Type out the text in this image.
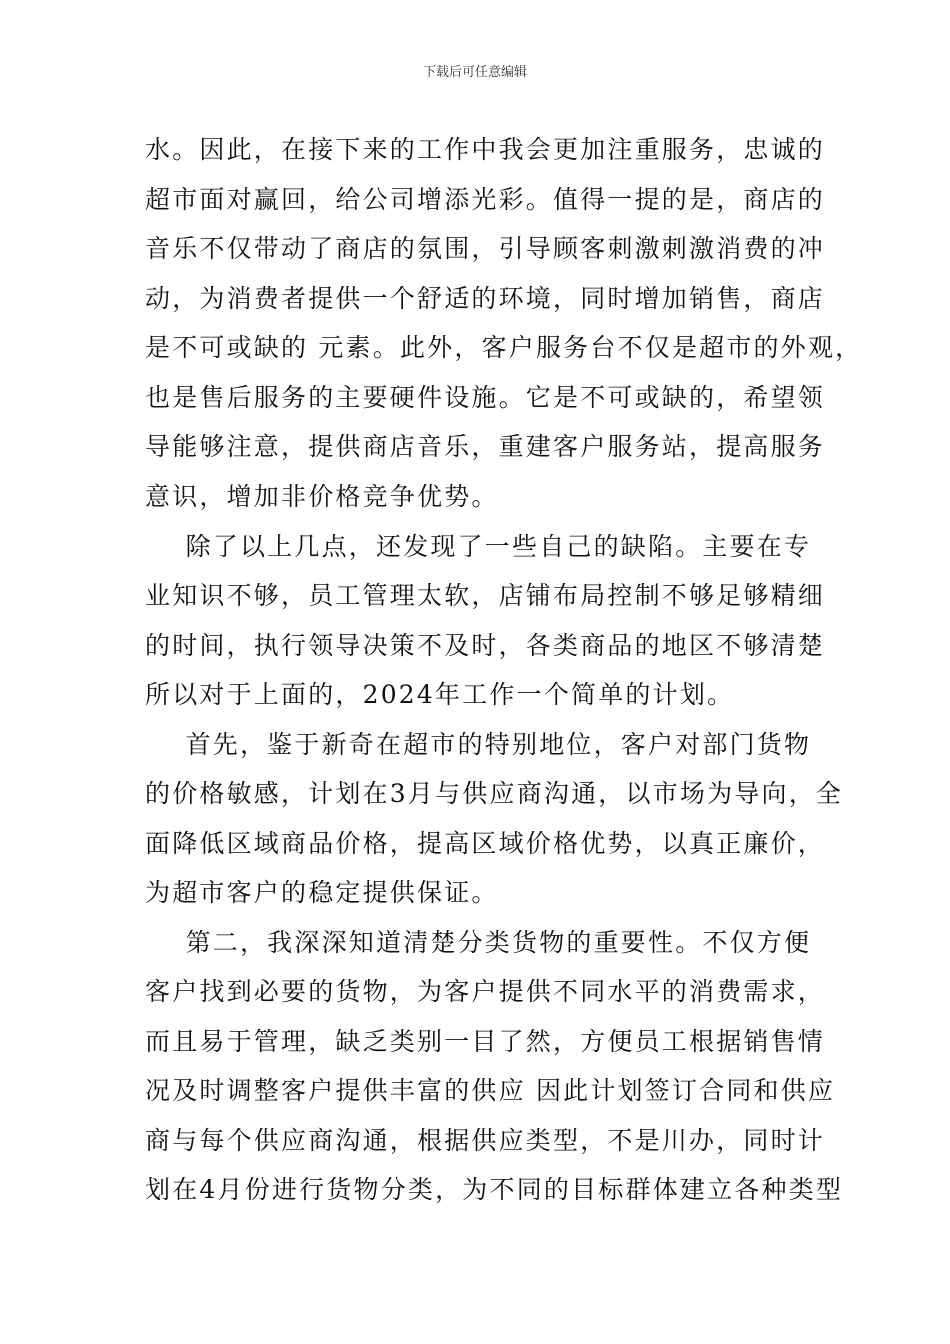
下载后可任意编辑
水。因此，在接下来的工作中我会更加注重服务，忠诚的
超市面对赢回，给公司增添光彩。值得一提的是，商店的
音乐不仅带动了商店的氛围，引导顾客刺激刺激消费的冲
动，为消费者提供一个舒适的环境，同时增加销售，商店
是不可或缺的 元素。此外，客户服务台不仅是超市的外观，
也是售后服务的主要硬件设施。它是不可或缺的，希望领
导能够注意，提供商店音乐，重建客户服务站，提高服务
意识，增加非价格竞争优势。
除了以上几点，还发现了一些自己的缺陷。主要在专
业知识不够，员工管理太软，店铺布局控制不够足够精细
的时间，执行领导决策不及时，各类商品的地区不够清楚
所以对于上面的，2024年工作一个简单的计划。
首先，鉴于新奇在超市的特别地位，客户对部门货物
的价格敏感，计划在3月与供应商沟通，以市场为导向，全
面降低区域商品价格，提高区域价格优势，以真正廉价，
为超市客户的稳定提供保证。
第二，我深深知道清楚分类货物的重要性。不仅方便
客户找到必要的货物，为客户提供不同水平的消费需求，
而且易于管理，缺乏类别一目了然，方便员工根据销售情
况及时调整客户提供丰富的供应 因此计划签订合同和供应
商与每个供应商沟通，根据供应类型，不是川办，同时计
划在4月份进行货物分类，为不同的目标群体建立各种类型
